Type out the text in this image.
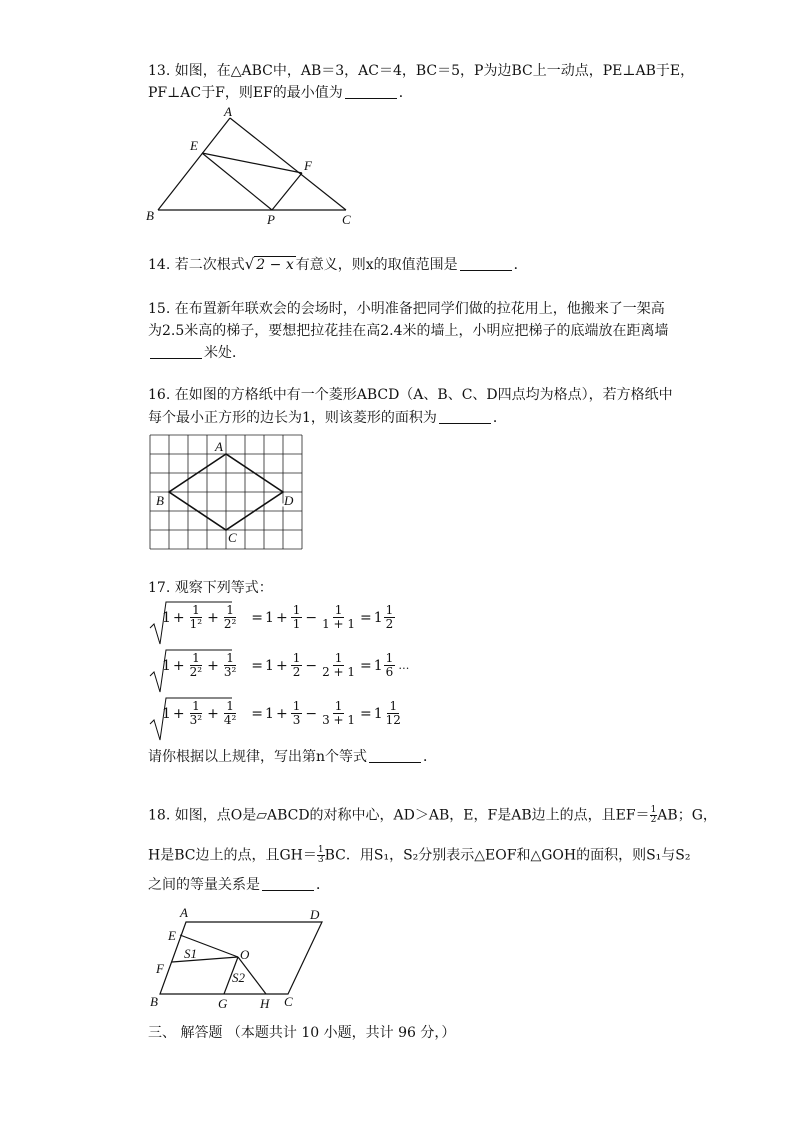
13. 如图，在△ABC中，AB＝3，AC＝4，BC＝5，P为边BC上一动点，PE⊥AB于E，
PF⊥AC于F，则EF的最小值为	．
A
B	C
E
F
P
14. 若二次根式√ 2 − x 有意义，则x的取值范围是	．
15. 在布置新年联欢会的会场时，小明准备把同学们做的拉花用上，他搬来了一架高
为2.5米高的梯子，要想把拉花挂在高2.4米的墙上，小明应把梯子的底端放在距离墙
米处．
16. 在如图的方格纸中有一个菱形ABCD（A、B、C、D四点均为格点），若方格纸中
每个最小正方形的边长为1，则该菱形的面积为	．
A
B
C
D
17. 观察下列等式：
$1 + \frac{1}{\text{1²}} + \frac{1}{\text{2²}} = 1 + \frac{1}{1} - \frac{1}{1 + 1} = 1$ 1
2
$1 + \frac{1}{\text{2²}} + \frac{1}{\text{3²}} = 1 + \frac{1}{2} - \frac{1}{2 + 1} = 1$ 1
6 …
$1 + \frac{1}{\text{3²}} + \frac{1}{\text{4²}} = 1 + \frac{1}{3} - \frac{1}{3 + 1} = 1$ 1
12
请你根据以上规律，写出第n个等式	．
18. 如图，点O是▱ABCD的对称中心，AD＞AB，E，F是AB边上的点，且$EF= \frac{1}{2}$ AB；G，
H是BC边上的点，且$GH= \frac{1}{3}$ BC．用S₁，S₂分别表示△EOF和△GOH的面积，则S₁与S₂
之间的等量关系是	．
A	D
E
F
O
B	G	H C
S1
S2
三、 解答题 （本题共计 10 小题，共计 96 分，）
